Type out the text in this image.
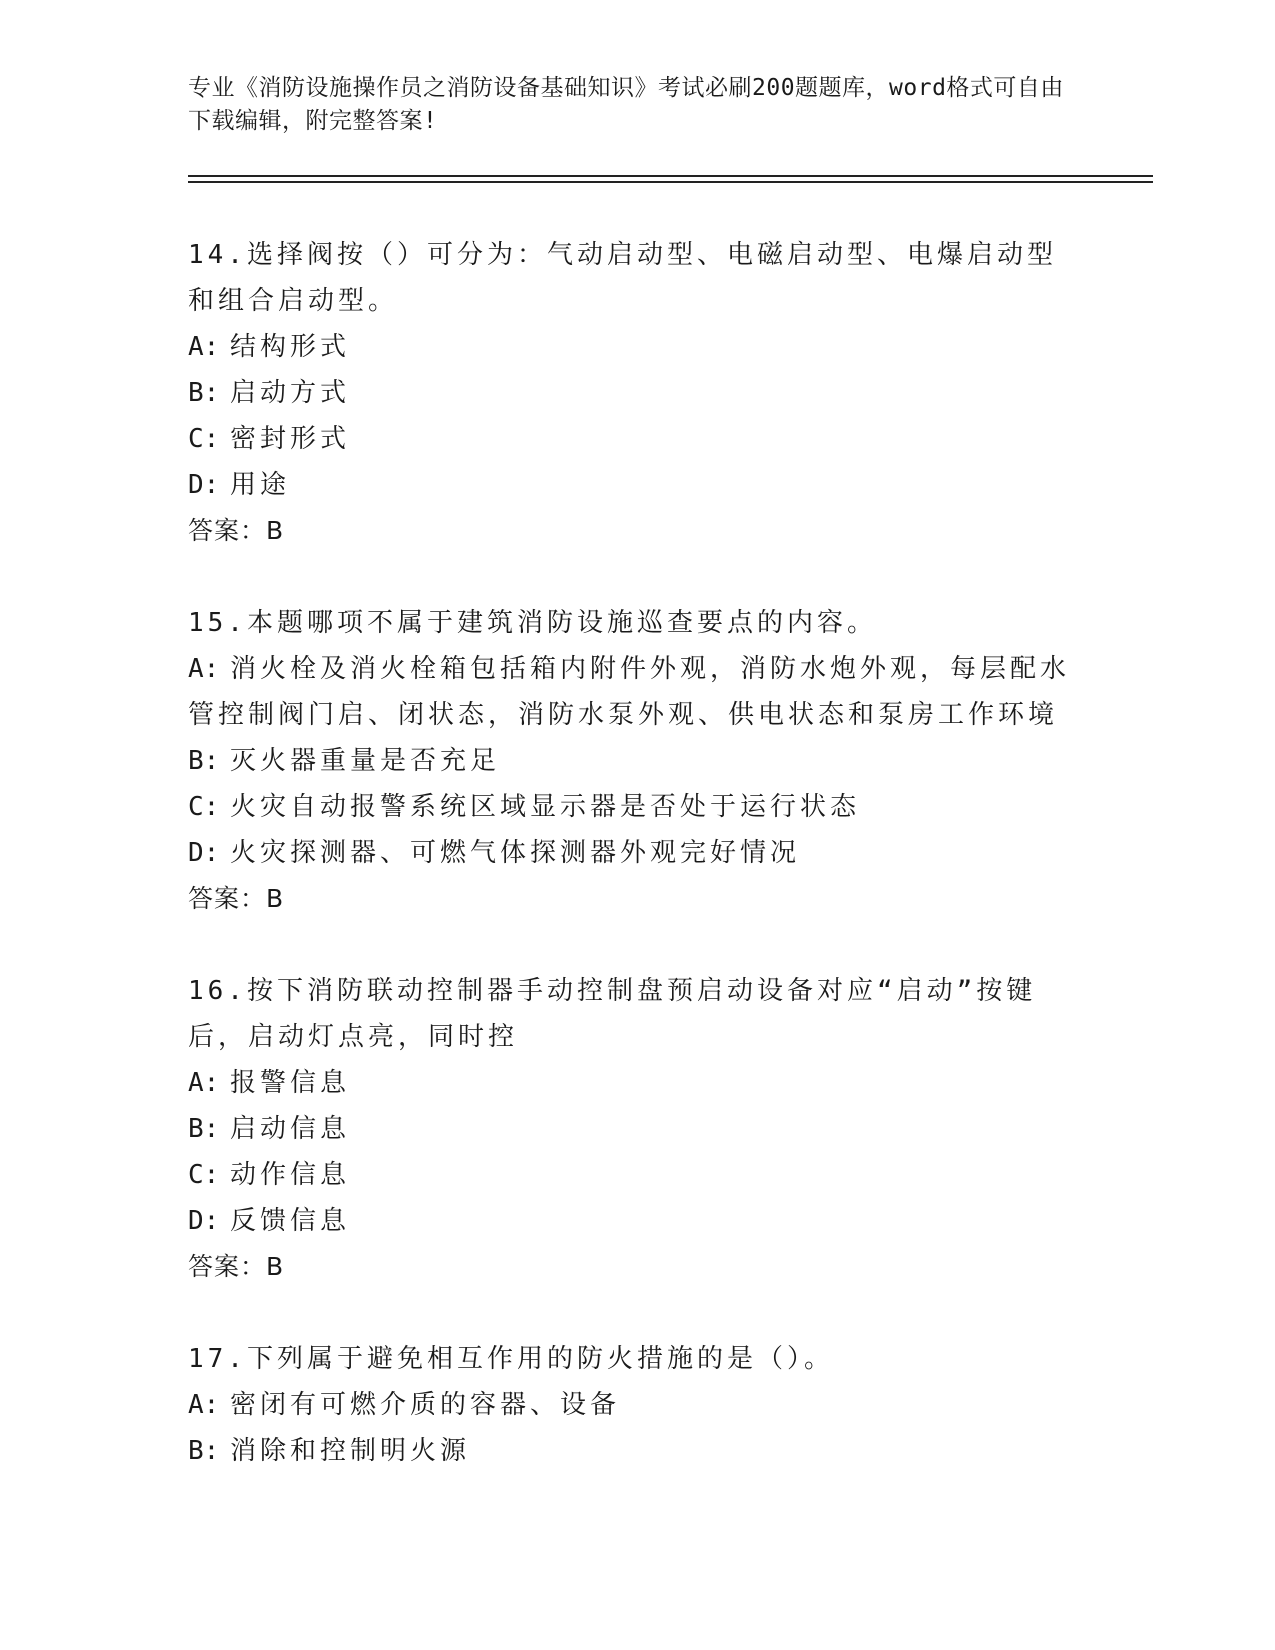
专业《消防设施操作员之消防设备基础知识》考试必刷200题题库，word格式可自由下载编辑，附完整答案!
14.选择阀按（）可分为：气动启动型、电磁启动型、电爆启动型和组合启动型。
A: 结构形式
B: 启动方式
C: 密封形式
D: 用途
答案：B
15.本题哪项不属于建筑消防设施巡查要点的内容。
A: 消火栓及消火栓箱包括箱内附件外观，消防水炮外观，每层配水管控制阀门启、闭状态，消防水泵外观、供电状态和泵房工作环境
B: 灭火器重量是否充足
C: 火灾自动报警系统区域显示器是否处于运行状态
D: 火灾探测器、可燃气体探测器外观完好情况
答案：B
16.按下消防联动控制器手动控制盘预启动设备对应“启动”按键后，启动灯点亮，同时控
A: 报警信息
B: 启动信息
C: 动作信息
D: 反馈信息
答案：B
17.下列属于避免相互作用的防火措施的是（）。
A: 密闭有可燃介质的容器、设备
B: 消除和控制明火源
